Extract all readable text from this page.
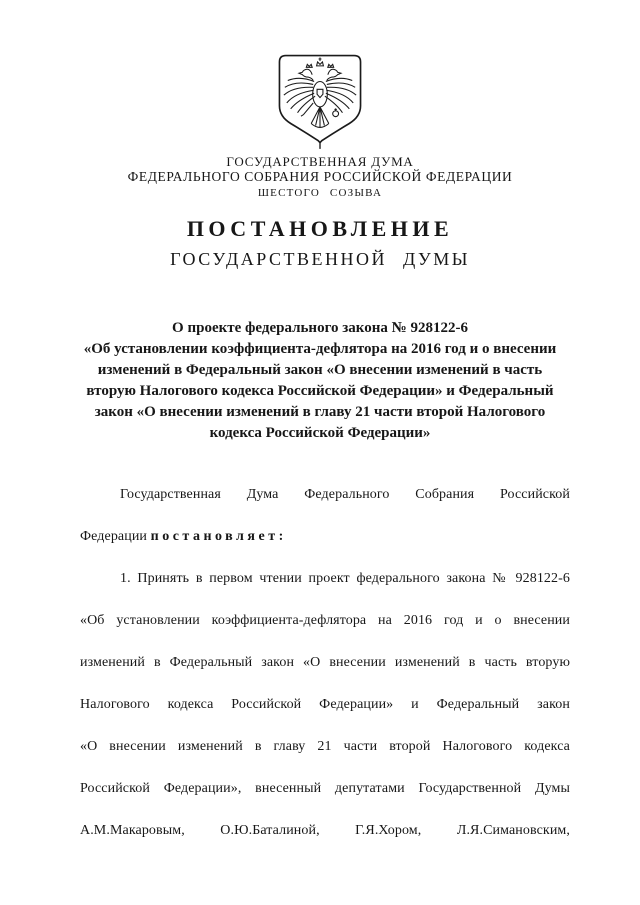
ГОСУДАРСТВЕННАЯ ДУМА
ФЕДЕРАЛЬНОГО СОБРАНИЯ РОССИЙСКОЙ ФЕДЕРАЦИИ
ШЕСТОГО СОЗЫВА
ПОСТАНОВЛЕНИЕ
ГОСУДАРСТВЕННОЙ ДУМЫ
О проекте федерального закона № 928122-6
«Об установлении коэффициента-дефлятора на 2016 год и о внесении
изменений в Федеральный закон «О внесении изменений в часть
вторую Налогового кодекса Российской Федерации» и Федеральный
закон «О внесении изменений в главу 21 части второй Налогового
кодекса Российской Федерации»
Государственная Дума Федерального Собрания Российской
Федерации постановляет:
1. Принять в первом чтении проект федерального закона № 928122-6
«Об установлении коэффициента-дефлятора на 2016 год и о внесении
изменений в Федеральный закон «О внесении изменений в часть вторую
Налогового кодекса Российской Федерации» и Федеральный закон
«О внесении изменений в главу 21 части второй Налогового кодекса
Российской Федерации», внесенный депутатами Государственной Думы
А.М.Макаровым, О.Ю.Баталиной, Г.Я.Хором, Л.Я.Симановским,
